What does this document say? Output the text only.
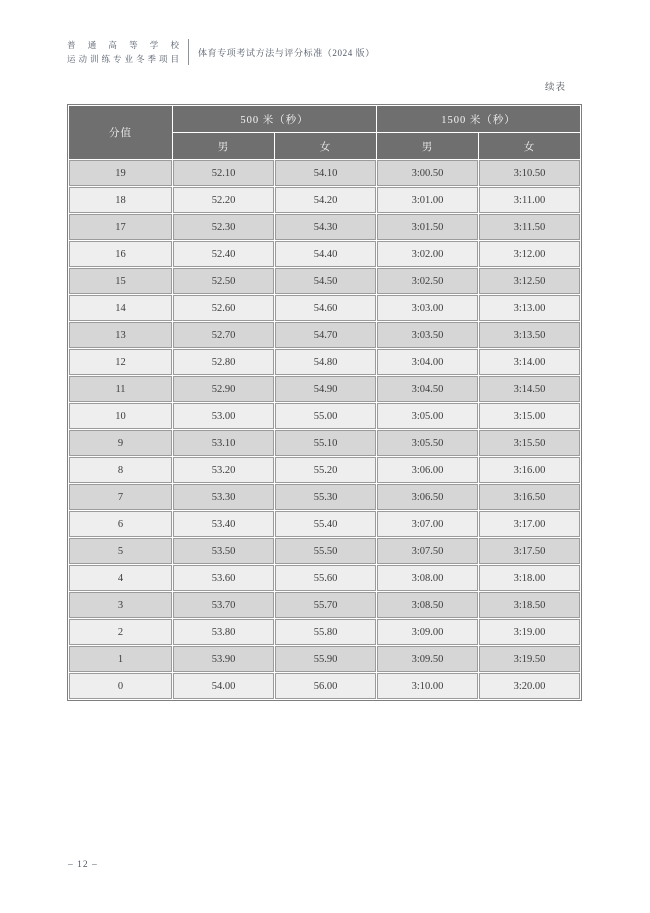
普通高等学校
运动训练专业冬季项目
体育专项考试方法与评分标准（2024 版）
续表
分值	500 米（秒）		1500 米（秒）	
	男	女	男	女
19	52.10	54.10	3:00.50	3:10.50
18	52.20	54.20	3:01.00	3:11.00
17	52.30	54.30	3:01.50	3:11.50
16	52.40	54.40	3:02.00	3:12.00
15	52.50	54.50	3:02.50	3:12.50
14	52.60	54.60	3:03.00	3:13.00
13	52.70	54.70	3:03.50	3:13.50
12	52.80	54.80	3:04.00	3:14.00
11	52.90	54.90	3:04.50	3:14.50
10	53.00	55.00	3:05.00	3:15.00
9	53.10	55.10	3:05.50	3:15.50
8	53.20	55.20	3:06.00	3:16.00
7	53.30	55.30	3:06.50	3:16.50
6	53.40	55.40	3:07.00	3:17.00
5	53.50	55.50	3:07.50	3:17.50
4	53.60	55.60	3:08.00	3:18.00
3	53.70	55.70	3:08.50	3:18.50
2	53.80	55.80	3:09.00	3:19.00
1	53.90	55.90	3:09.50	3:19.50
0	54.00	56.00	3:10.00	3:20.00
– 12 –
